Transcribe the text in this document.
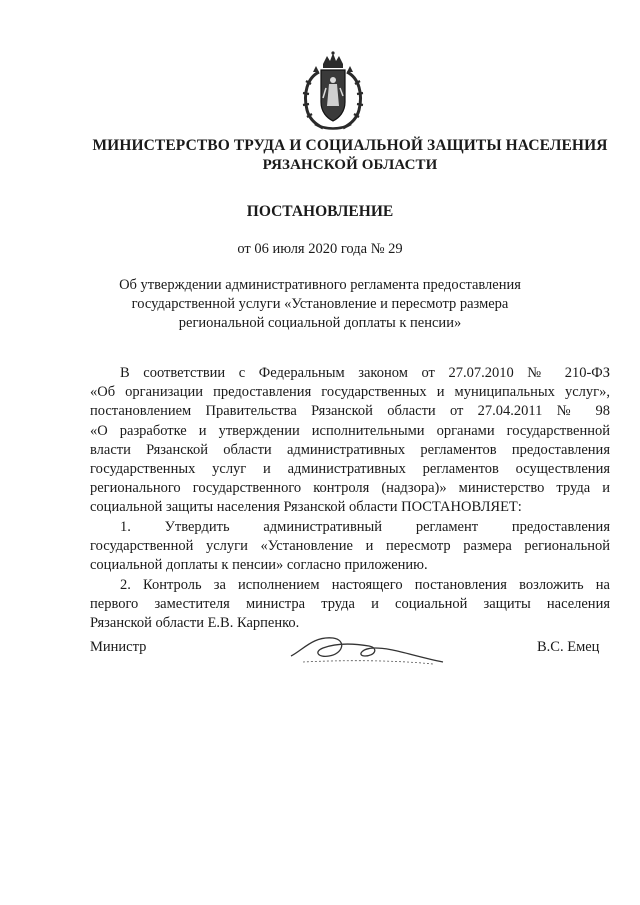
МИНИСТЕРСТВО ТРУДА И СОЦИАЛЬНОЙ ЗАЩИТЫ НАСЕЛЕНИЯ
РЯЗАНСКОЙ ОБЛАСТИ
ПОСТАНОВЛЕНИЕ
от 06 июля 2020 года № 29
Об утверждении административного регламента предоставления
государственной услуги «Установление и пересмотр размера
региональной социальной доплаты к пенсии»
В соответствии с Федеральным законом от 27.07.2010 № 210-ФЗ
«Об организации предоставления государственных и муниципальных услуг»,
постановлением Правительства Рязанской области от 27.04.2011 № 98
«О разработке и утверждении исполнительными органами государственной
власти Рязанской области административных регламентов предоставления
государственных услуг и административных регламентов осуществления
регионального государственного контроля (надзора)» министерство труда и
социальной защиты населения Рязанской области ПОСТАНОВЛЯЕТ:
1. Утвердить административный регламент предоставления
государственной услуги «Установление и пересмотр размера региональной
социальной доплаты к пенсии» согласно приложению.
2. Контроль за исполнением настоящего постановления возложить на
первого заместителя министра труда и социальной защиты населения
Рязанской области Е.В. Карпенко.
Министр	В.С. Емец
